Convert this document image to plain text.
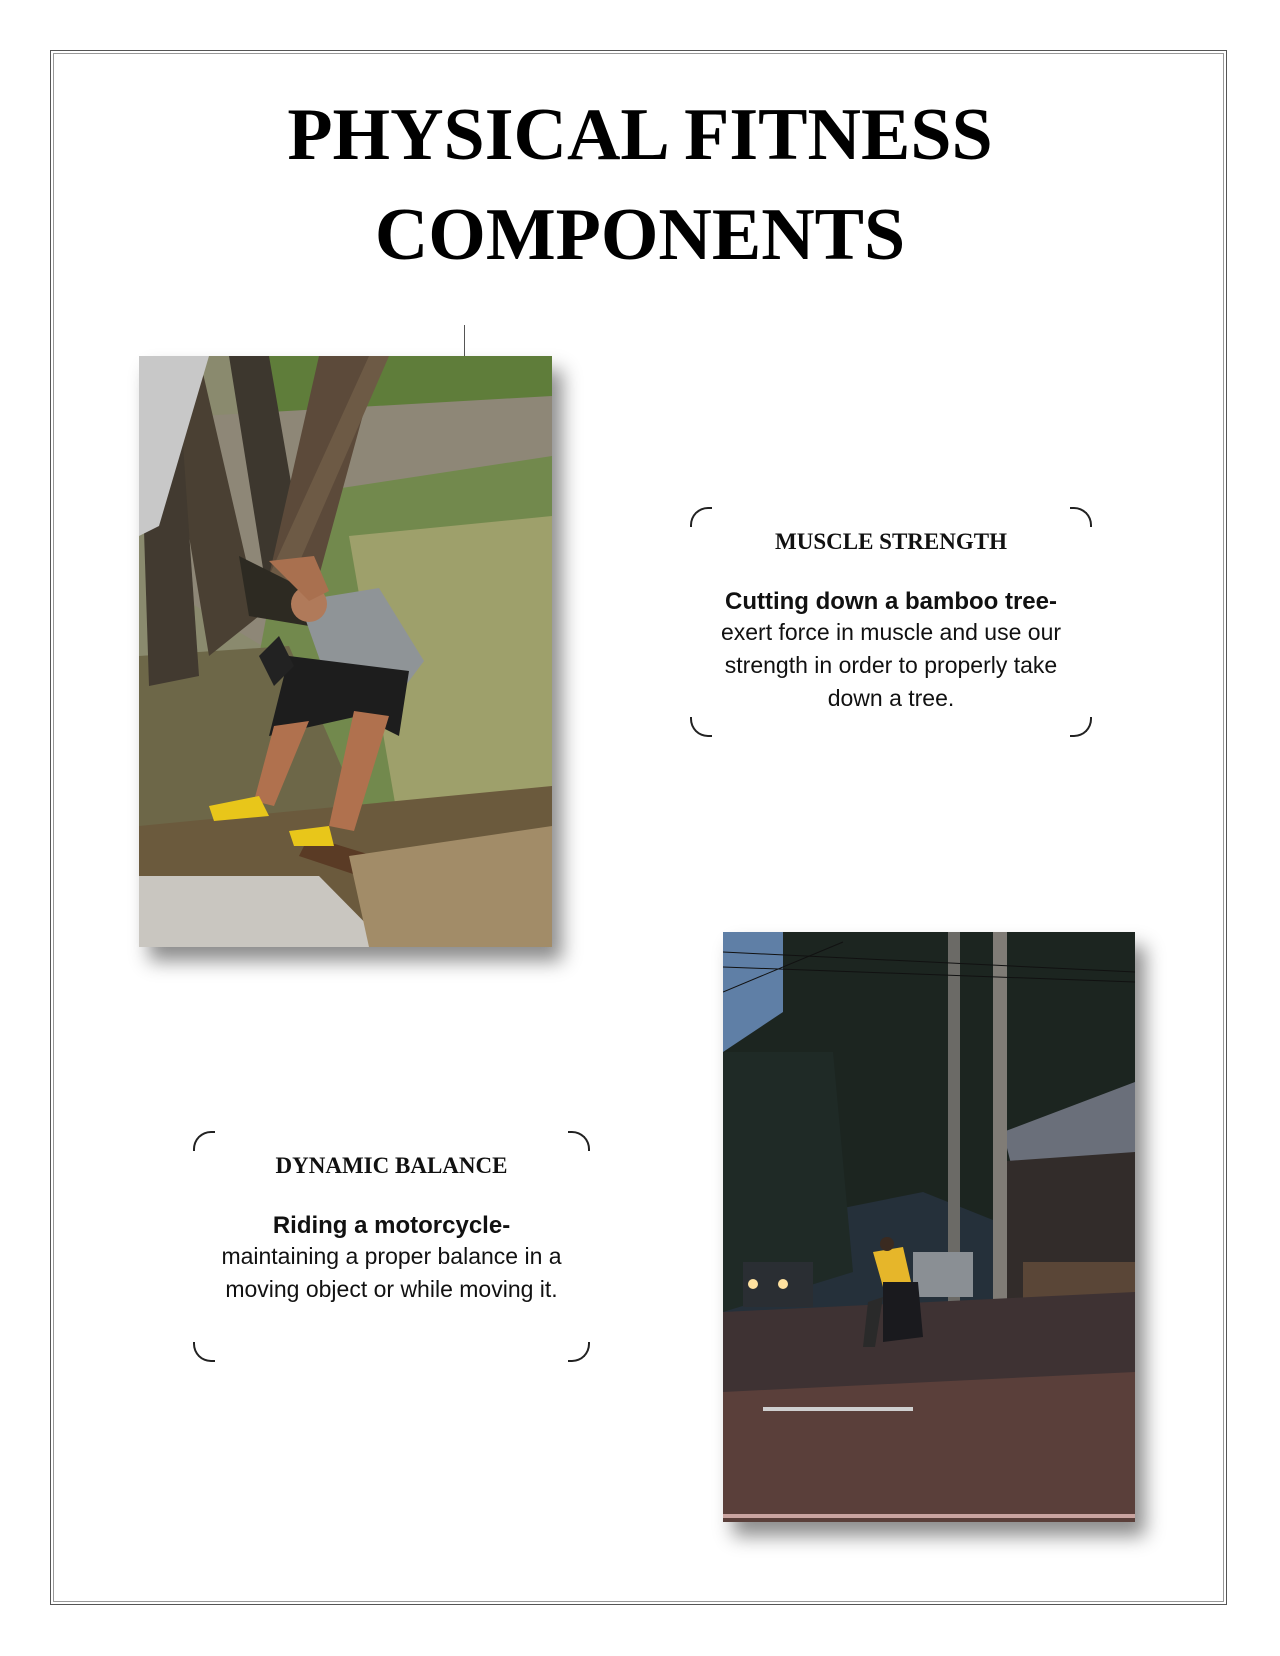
PHYSICAL FITNESS
COMPONENTS

MUSCLE STRENGTH

Cutting down a bamboo tree-
exert force in muscle and use our strength in order to properly take down a tree.

DYNAMIC BALANCE

Riding a motorcycle-
maintaining a proper balance in a moving object or while moving it.
